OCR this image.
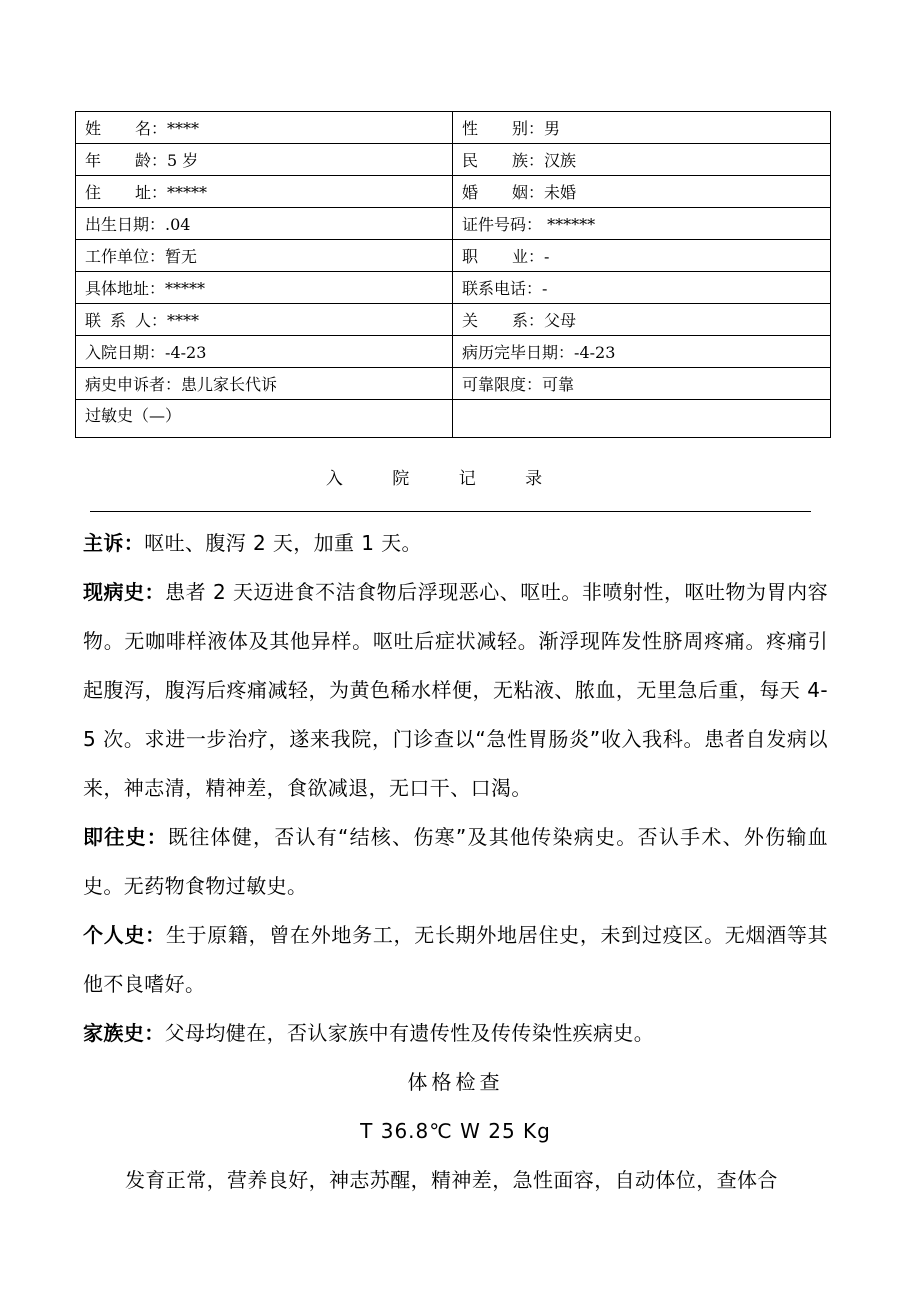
姓名：****	性别：男
年龄：5 岁	民族：汉族
住址：*****	婚姻：未婚
出生日期：.04	证件号码： ******
工作单位：暂无	职业：-
具体地址：*****	联系电话：-
联系人：****	关系：父母
入院日期：-4-23	病历完毕日期：-4-23
病史申诉者：患儿家长代诉	可靠限度：可靠
过敏史（—）	
入 院 记 录

主诉：呕吐、腹泻 2 天，加重 1 天。

现病史：患者 2 天迈进食不洁食物后浮现恶心、呕吐。非喷射性，呕吐物为胃内容物。无咖啡样液体及其他异样。呕吐后症状减轻。渐浮现阵发性脐周疼痛。疼痛引起腹泻，腹泻后疼痛减轻，为黄色稀水样便，无粘液、脓血，无里急后重，每天 4-5 次。求进一步治疗，遂来我院，门诊查以“急性胃肠炎”收入我科。患者自发病以来，神志清，精神差，食欲减退，无口干、口渴。

即往史：既往体健，否认有“结核、伤寒”及其他传染病史。否认手术、外伤输血史。无药物食物过敏史。

个人史：生于原籍，曾在外地务工，无长期外地居住史，未到过疫区。无烟酒等其他不良嗜好。

家族史：父母均健在，否认家族中有遗传性及传传染性疾病史。

体格检查

T 36.8℃ W 25 Kg

发育正常，营养良好，神志苏醒，精神差，急性面容，自动体位，查体合
